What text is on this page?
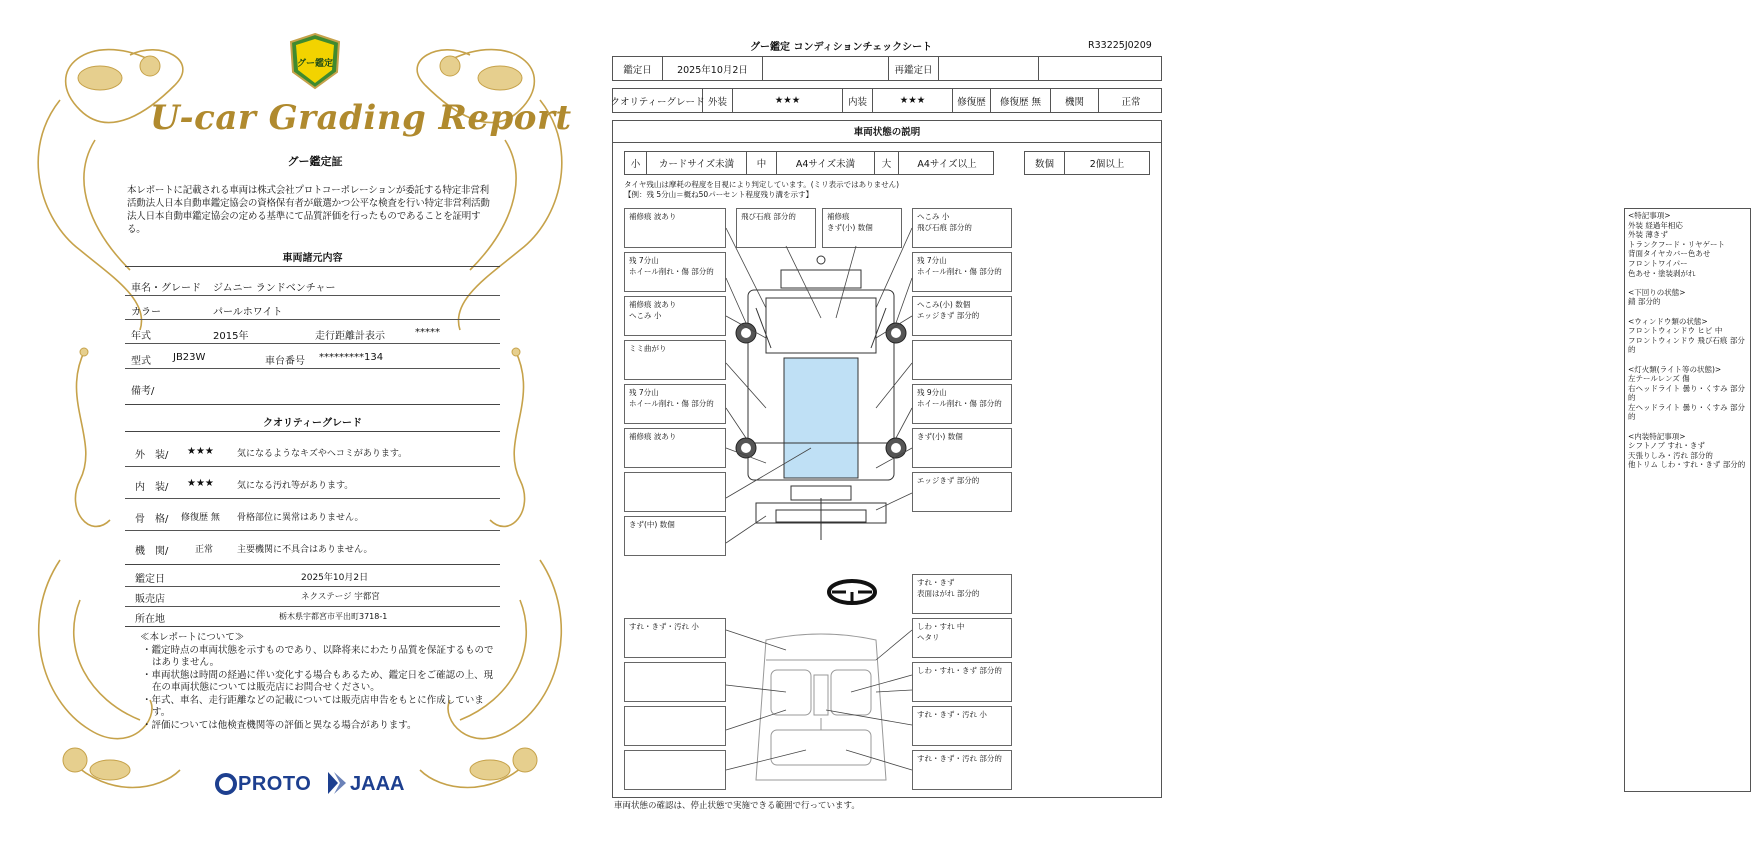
グー鑑定
U-car Grading Report
グー鑑定証
本レポートに記載される車両は株式会社プロトコーポレーションが委託する特定非営利活動法人日本自動車鑑定協会の資格保有者が厳選かつ公平な検査を行い特定非営利活動法人日本自動車鑑定協会の定める基準にて品質評価を行ったものであることを証明する。
車両諸元内容
車名・グレード ジムニー ランドベンチャー
カラー	パールホワイト
年式	2015年	走行距離計表示	*****
型式 JB23W	車台番号 *********134
備考/
クオリティーグレード
外　装/ ★★★	気になるようなキズやヘコミがあります。
内　装/ ★★★	気になる汚れ等があります。
骨　格/ 修復歴 無 骨格部位に異常はありません。
機　関/	正常	主要機関に不具合はありません。
鑑定日	2025年10月2日
販売店	ネクステージ 宇都宮
所在地	栃木県宇都宮市平出町3718-1
≪本レポートについて≫
・鑑定時点の車両状態を示すものであり、以降将来にわたり品質を保証するものではありません。
・車両状態は時間の経過に伴い変化する場合もあるため、鑑定日をご確認の上、現在の車両状態については販売店にお問合せください。
・年式、車名、走行距離などの記載については販売店申告をもとに作成しています。
・評価については他検査機関等の評価と異なる場合があります。
PROTO JAAA
グー鑑定 コンディションチェックシート	R33225J0209
鑑定日	2025年10月2日	再鑑定日
クオリティーグレード 外装	★★★	内装	★★★	修復歴	修復歴 無	機関	正常
車両状態の説明
小	カードサイズ未満	中	A4サイズ未満	大	A4サイズ以上	数個	2個以上
タイヤ残山は摩耗の程度を目視により判定しています。(ミリ表示ではありません)
【例：残 5分山＝概ね50パーセント程度残り溝を示す】
補修痕 波あり	飛び石痕 部分的	補修痕
きず(小) 数個
へこみ 小
飛び石痕 部分的
残 7分山
ホイール削れ・傷 部分的
補修痕 波あり
へこみ 小
ミミ曲がり
残 7分山
ホイール削れ・傷 部分的
補修痕 波あり
きず(中) 数個
残 7分山
ホイール削れ・傷 部分的
へこみ(小) 数個
エッジきず 部分的
残 9分山
ホイール削れ・傷 部分的
きず(小) 数個
エッジきず 部分的
すれ・きず
表面はがれ 部分的
しわ・すれ 中
ヘタリ
しわ・すれ・きず 部分的
すれ・きず・汚れ 小
すれ・きず・汚れ 部分的
すれ・きず・汚れ 小
<特記事項>
外装 経過年相応
外装 薄きず
トランクフード・リヤゲート
背面タイヤカバー色あせ
フロントワイパー
色あせ・塗装剥がれ
<下回りの状態>
錆 部分的
<ウィンドウ類の状態>
フロントウィンドウ ヒビ 中
フロントウィンドウ 飛び石痕 部分的
<灯火類(ライト等の状態)>
左テールレンズ 傷
右ヘッドライト 曇り・くすみ 部分的
左ヘッドライト 曇り・くすみ 部分的
<内装特記事項>
シフトノブ すれ・きず
天張りしみ・汚れ 部分的
他トリム しわ・すれ・きず 部分的
車両状態の確認は、停止状態で実施できる範囲で行っています。
